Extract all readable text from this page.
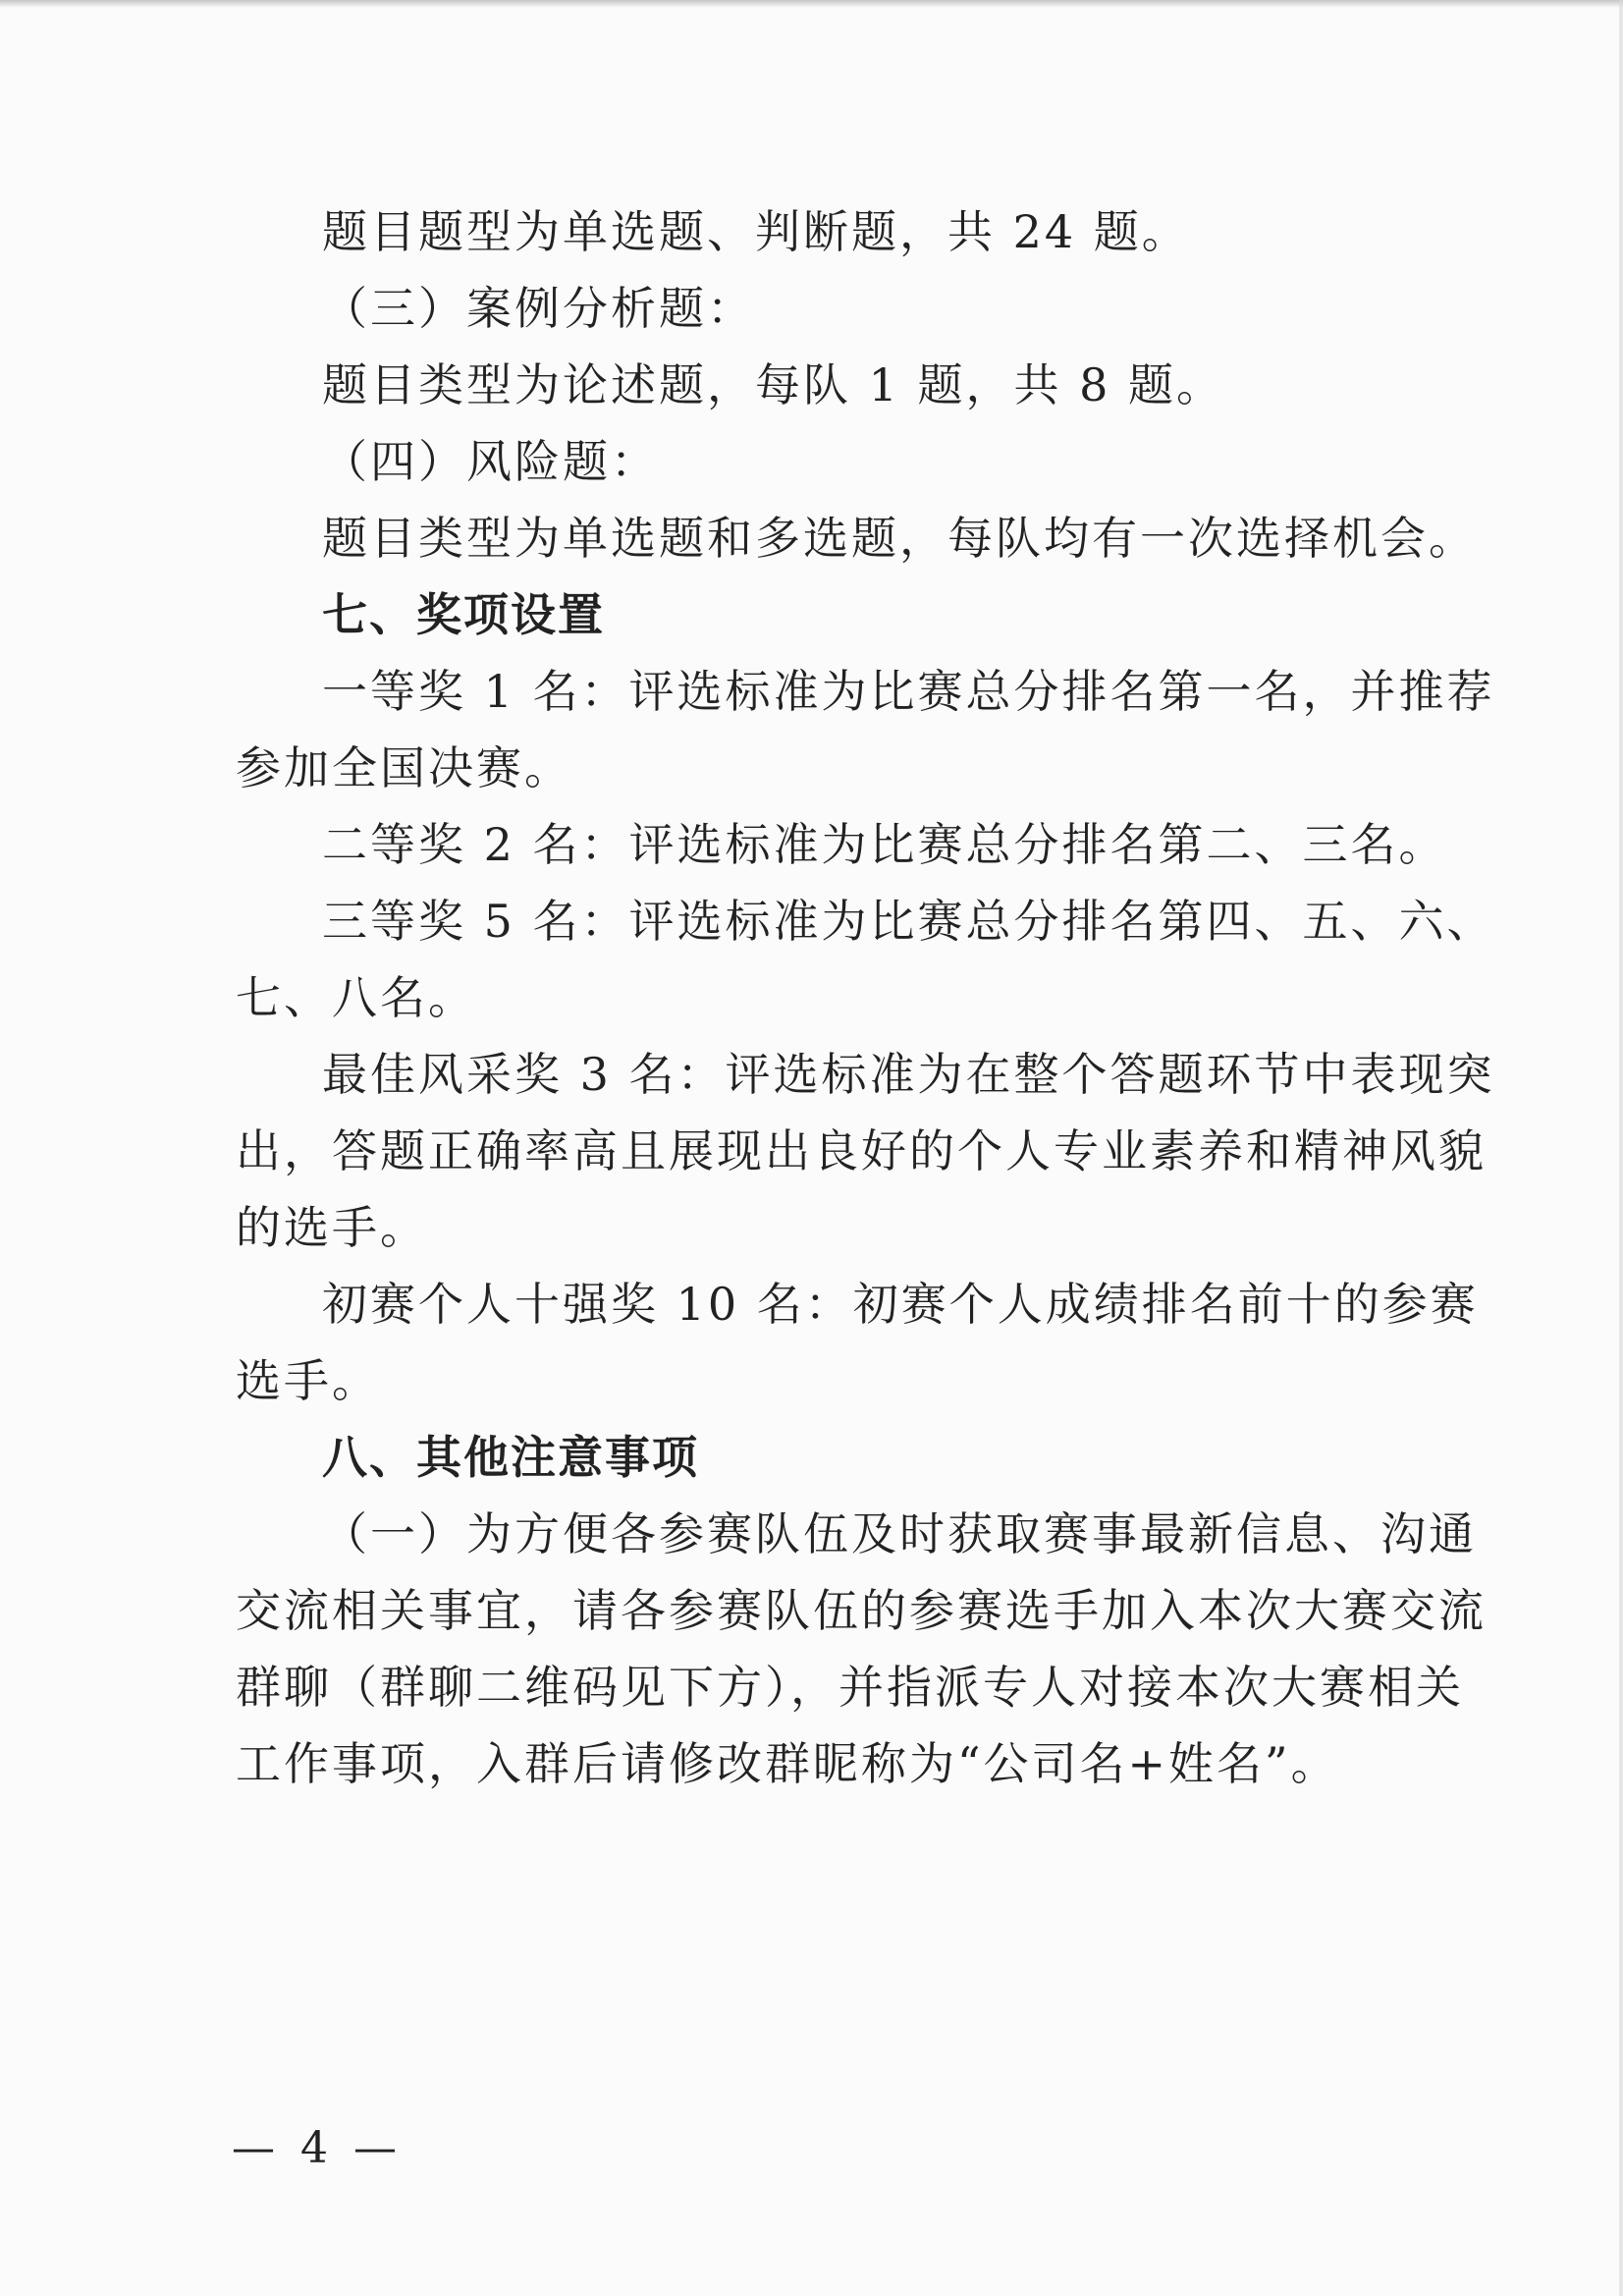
题目题型为单选题、判断题，共 24 题。
（三）案例分析题：
题目类型为论述题，每队 1 题，共 8 题。
（四）风险题：
题目类型为单选题和多选题，每队均有一次选择机会。
七、奖项设置
一等奖 1 名：评选标准为比赛总分排名第一名，并推荐
参加全国决赛。
二等奖 2 名：评选标准为比赛总分排名第二、三名。
三等奖 5 名：评选标准为比赛总分排名第四、五、六、
七、八名。
最佳风采奖 3 名：评选标准为在整个答题环节中表现突
出，答题正确率高且展现出良好的个人专业素养和精神风貌
的选手。
初赛个人十强奖 10 名：初赛个人成绩排名前十的参赛
选手。
八、其他注意事项
（一）为方便各参赛队伍及时获取赛事最新信息、沟通
交流相关事宜，请各参赛队伍的参赛选手加入本次大赛交流
群聊（群聊二维码见下方），并指派专人对接本次大赛相关
工作事项，入群后请修改群昵称为“公司名+姓名”。
— 4 —
